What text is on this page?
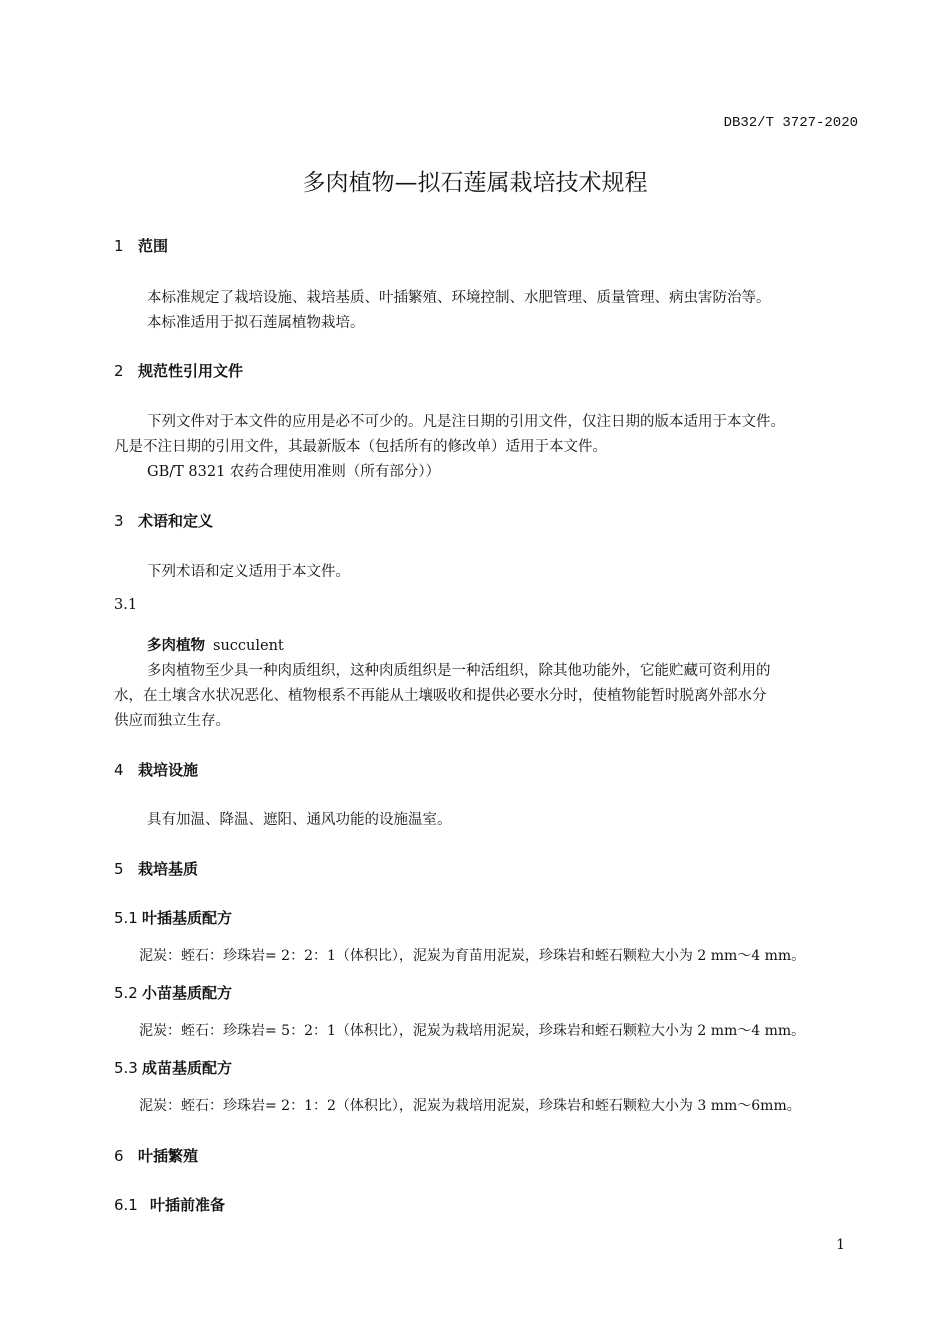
DB32/T 3727-2020
多肉植物—拟石莲属栽培技术规程
1 范围
本标准规定了栽培设施、栽培基质、叶插繁殖、环境控制、水肥管理、质量管理、病虫害防治等。
本标准适用于拟石莲属植物栽培。
2 规范性引用文件
下列文件对于本文件的应用是必不可少的。凡是注日期的引用文件，仅注日期的版本适用于本文件。
凡是不注日期的引用文件，其最新版本（包括所有的修改单）适用于本文件。
GB/T 8321 农药合理使用准则（所有部分））
3 术语和定义
下列术语和定义适用于本文件。
3.1
多肉植物 succulent
多肉植物至少具一种肉质组织，这种肉质组织是一种活组织，除其他功能外，它能贮藏可资利用的
水，在土壤含水状况恶化、植物根系不再能从土壤吸收和提供必要水分时，使植物能暂时脱离外部水分
供应而独立生存。
4 栽培设施
具有加温、降温、遮阳、通风功能的设施温室。
5 栽培基质
5.1 叶插基质配方
泥炭：蛭石：珍珠岩= 2：2：1（体积比），泥炭为育苗用泥炭，珍珠岩和蛭石颗粒大小为 2 mm～4 mm。
5.2 小苗基质配方
泥炭：蛭石：珍珠岩= 5：2：1（体积比），泥炭为栽培用泥炭，珍珠岩和蛭石颗粒大小为 2 mm～4 mm。
5.3 成苗基质配方
泥炭：蛭石：珍珠岩= 2：1：2（体积比），泥炭为栽培用泥炭，珍珠岩和蛭石颗粒大小为 3 mm～6mm。
6 叶插繁殖
6.1 叶插前准备
1
